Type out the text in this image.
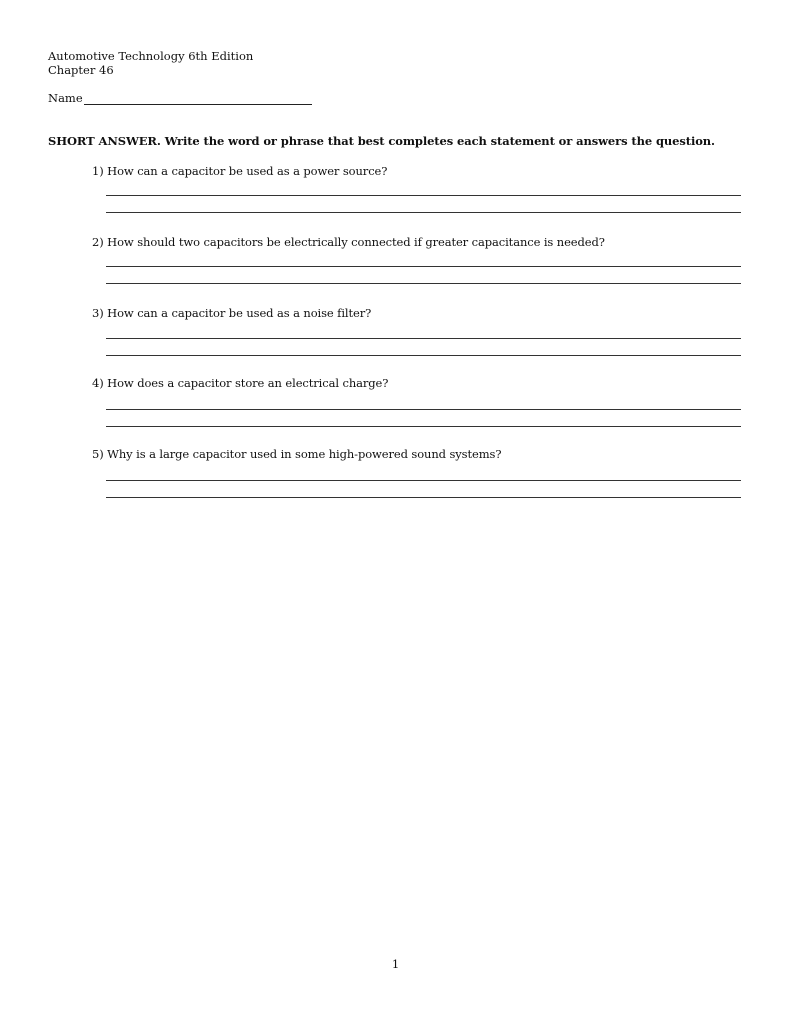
Automotive Technology 6th Edition
Chapter 46
Name
SHORT ANSWER. Write the word or phrase that best completes each statement or answers the question.
1) How can a capacitor be used as a power source?
2) How should two capacitors be electrically connected if greater capacitance is needed?
3) How can a capacitor be used as a noise filter?
4) How does a capacitor store an electrical charge?
5) Why is a large capacitor used in some high-powered sound systems?
1
